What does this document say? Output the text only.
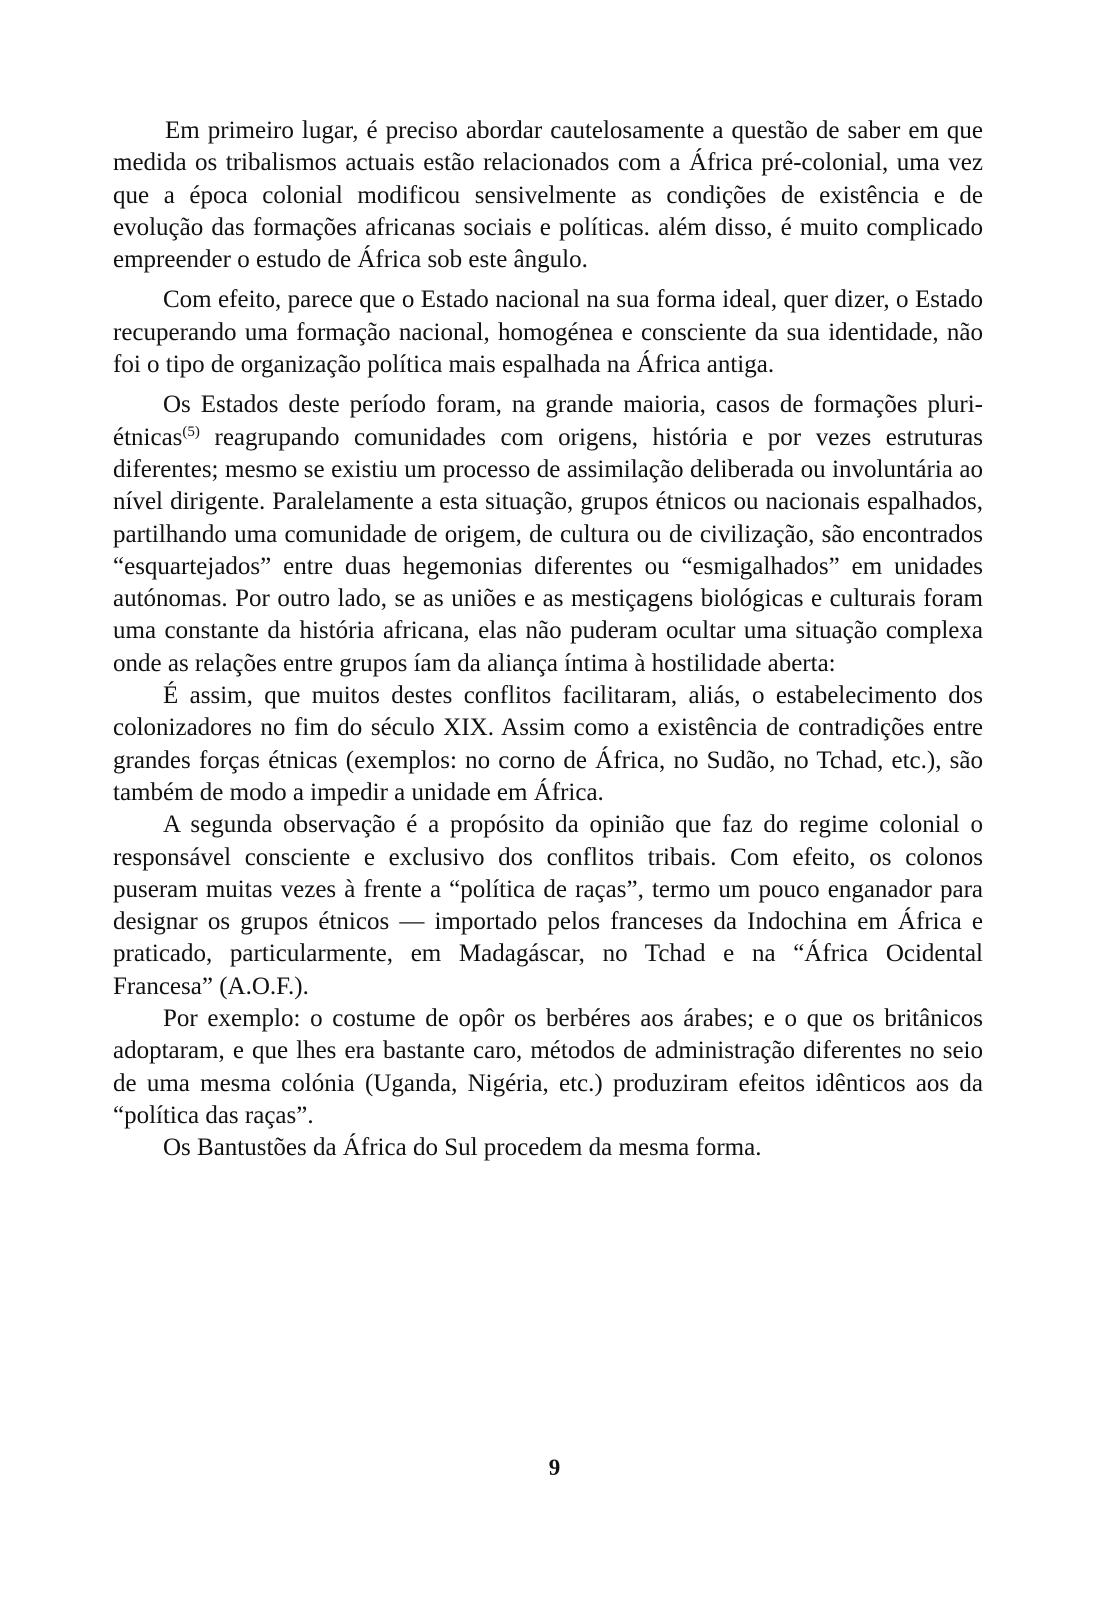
Em primeiro lugar, é preciso abordar cautelosamente a questão de saber em que medida os tribalismos actuais estão relacionados com a África pré-colonial, uma vez que a época colonial modificou sensivelmente as condições de existência e de evolução das formações africanas sociais e políticas. além disso, é muito complicado empreender o estudo de África sob este ângulo.

Com efeito, parece que o Estado nacional na sua forma ideal, quer dizer, o Estado recuperando uma formação nacional, homogénea e consciente da sua identidade, não foi o tipo de organização política mais espalhada na África antiga.

Os Estados deste período foram, na grande maioria, casos de formações pluri-étnicas$^{(5)}$ reagrupando comunidades com origens, história e por vezes estruturas diferentes; mesmo se existiu um processo de assimilação deliberada ou involuntária ao nível dirigente. Paralelamente a esta situação, grupos étnicos ou nacionais espalhados, partilhando uma comunidade de origem, de cultura ou de civilização, são encontrados “esquartejados” entre duas hegemonias diferentes ou “esmigalhados” em unidades autónomas. Por outro lado, se as uniões e as mestiçagens biológicas e culturais foram uma constante da história africana, elas não puderam ocultar uma situação complexa onde as relações entre grupos íam da aliança íntima à hostilidade aberta:

É assim, que muitos destes conflitos facilitaram, aliás, o estabelecimento dos colonizadores no fim do século XIX. Assim como a existência de contradições entre grandes forças étnicas (exemplos: no corno de África, no Sudão, no Tchad, etc.), são também de modo a impedir a unidade em África.

A segunda observação é a propósito da opinião que faz do regime colonial o responsável consciente e exclusivo dos conflitos tribais. Com efeito, os colonos puseram muitas vezes à frente a “política de raças”, termo um pouco enganador para designar os grupos étnicos — importado pelos franceses da Indochina em África e praticado, particularmente, em Madagáscar, no Tchad e na “África Ocidental Francesa” (A.O.F.).

Por exemplo: o costume de opôr os berbéres aos árabes; e o que os britânicos adoptaram, e que lhes era bastante caro, métodos de administração diferentes no seio de uma mesma colónia (Uganda, Nigéria, etc.) produziram efeitos idênticos aos da “política das raças”.

Os Bantustões da África do Sul procedem da mesma forma.

9
